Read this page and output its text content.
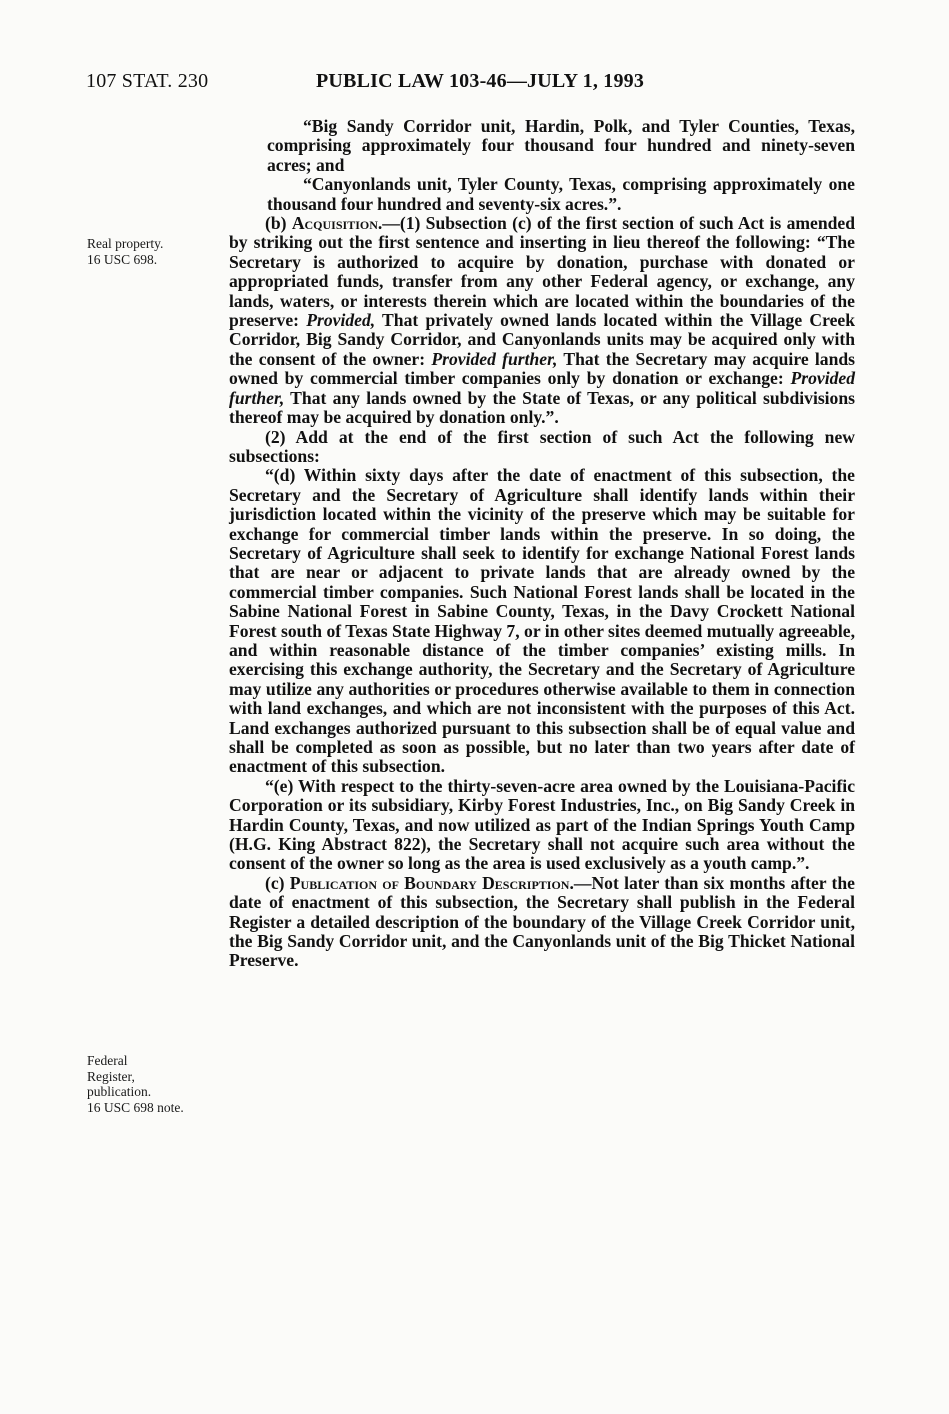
107 STAT. 230	PUBLIC LAW 103-46—JULY 1, 1993
Real property.
16 USC 698.
Federal
Register,
publication.
16 USC 698 note.

“Big Sandy Corridor unit, Hardin, Polk, and Tyler Counties, Texas, comprising approximately four thousand four hundred and ninety-seven acres; and

“Canyonlands unit, Tyler County, Texas, comprising approximately one thousand four hundred and seventy-six acres.”.

(b) Acquisition.—(1) Subsection (c) of the first section of such Act is amended by striking out the first sentence and inserting in lieu thereof the following: “The Secretary is authorized to acquire by donation, purchase with donated or appropriated funds, transfer from any other Federal agency, or exchange, any lands, waters, or interests therein which are located within the boundaries of the preserve: Provided, That privately owned lands located within the Village Creek Corridor, Big Sandy Corridor, and Canyonlands units may be acquired only with the consent of the owner: Provided further, That the Secretary may acquire lands owned by commercial timber companies only by donation or exchange: Provided further, That any lands owned by the State of Texas, or any political subdivisions thereof may be acquired by donation only.”.

(2) Add at the end of the first section of such Act the following new subsections:

“(d) Within sixty days after the date of enactment of this subsection, the Secretary and the Secretary of Agriculture shall identify lands within their jurisdiction located within the vicinity of the preserve which may be suitable for exchange for commercial timber lands within the preserve. In so doing, the Secretary of Agriculture shall seek to identify for exchange National Forest lands that are near or adjacent to private lands that are already owned by the commercial timber companies. Such National Forest lands shall be located in the Sabine National Forest in Sabine County, Texas, in the Davy Crockett National Forest south of Texas State Highway 7, or in other sites deemed mutually agreeable, and within reasonable distance of the timber companies’ existing mills. In exercising this exchange authority, the Secretary and the Secretary of Agriculture may utilize any authorities or procedures otherwise available to them in connection with land exchanges, and which are not inconsistent with the purposes of this Act. Land exchanges authorized pursuant to this subsection shall be of equal value and shall be completed as soon as possible, but no later than two years after date of enactment of this subsection.

“(e) With respect to the thirty-seven-acre area owned by the Louisiana-Pacific Corporation or its subsidiary, Kirby Forest Industries, Inc., on Big Sandy Creek in Hardin County, Texas, and now utilized as part of the Indian Springs Youth Camp (H.G. King Abstract 822), the Secretary shall not acquire such area without the consent of the owner so long as the area is used exclusively as a youth camp.”.

(c) Publication of Boundary Description.—Not later than six months after the date of enactment of this subsection, the Secretary shall publish in the Federal Register a detailed description of the boundary of the Village Creek Corridor unit, the Big Sandy Corridor unit, and the Canyonlands unit of the Big Thicket National Preserve.
